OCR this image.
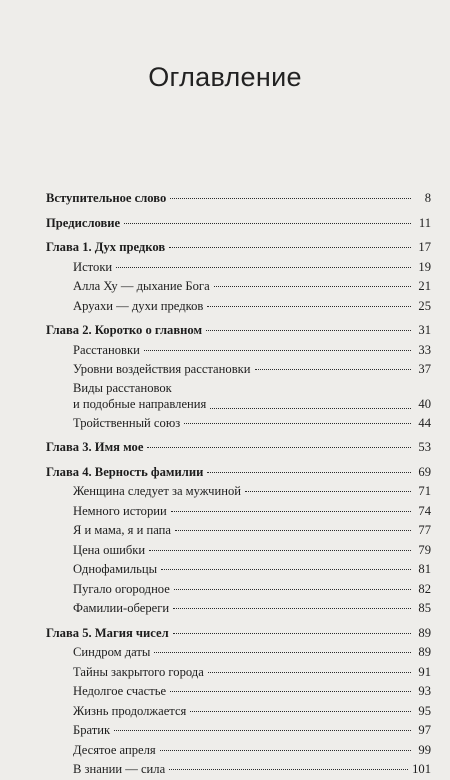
Оглавление
Вступительное слово	8
Предисловие	11
Глава 1. Дух предков	17
Истоки	19
Алла Ху — дыхание Бога	21
Аруахи — духи предков	25
Глава 2. Коротко о главном	31
Расстановки	33
Уровни воздействия расстановки	37
Виды расстановок
и подобные направления	40
Тройственный союз	44
Глава 3. Имя мое	53
Глава 4. Верность фамилии	69
Женщина следует за мужчиной	71
Немного истории	74
Я и мама, я и папа	77
Цена ошибки	79
Однофамильцы	81
Пугало огородное	82
Фамилии-обереги	85
Глава 5. Магия чисел	89
Синдром даты	89
Тайны закрытого города	91
Недолгое счастье	93
Жизнь продолжается	95
Братик	97
Десятое апреля	99
В знании — сила	101
